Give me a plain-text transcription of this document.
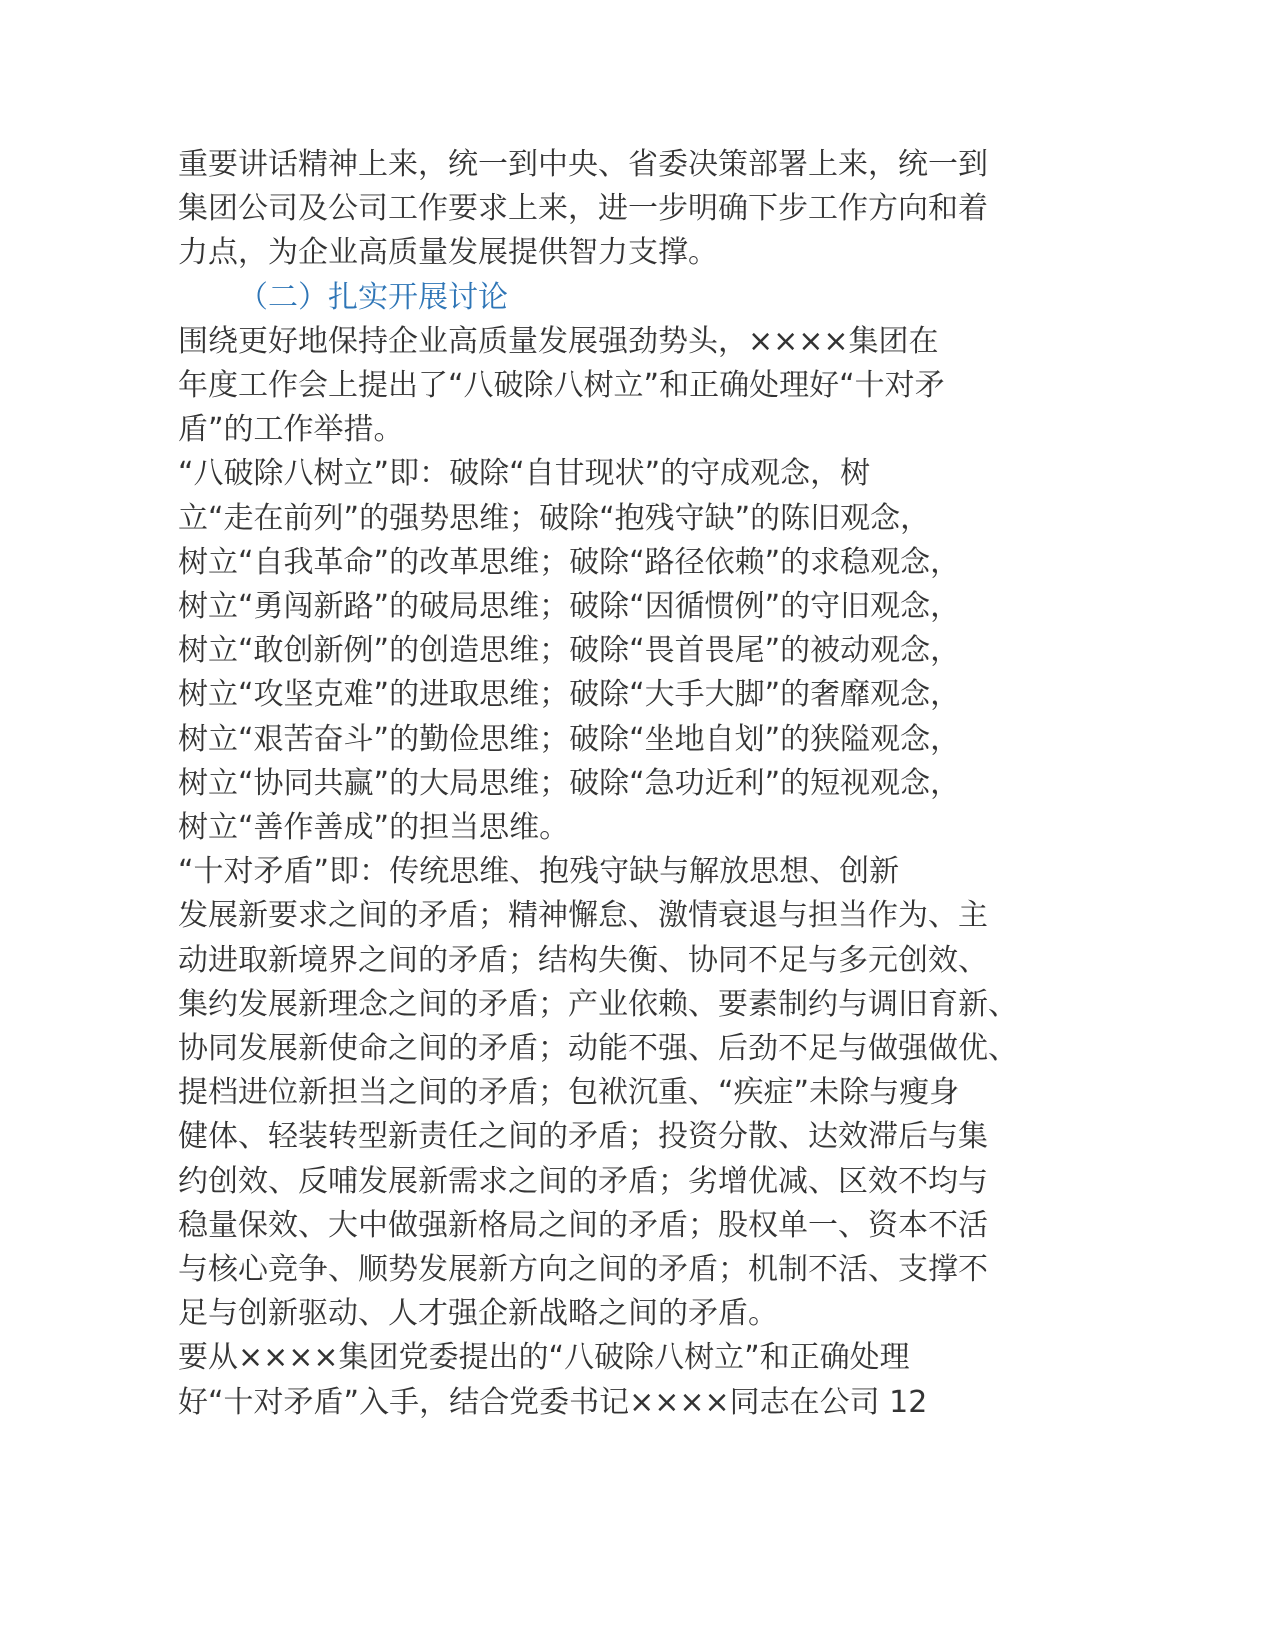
重要讲话精神上来，统一到中央、省委决策部署上来，统一到
集团公司及公司工作要求上来，进一步明确下步工作方向和着
力点，为企业高质量发展提供智力支撑。

（二）扎实开展讨论

围绕更好地保持企业高质量发展强劲势头，××××集团在
年度工作会上提出了“八破除八树立”和正确处理好“十对矛
盾”的工作举措。

“八破除八树立”即：破除“自甘现状”的守成观念，树
立“走在前列”的强势思维；破除“抱残守缺”的陈旧观念，
树立“自我革命”的改革思维；破除“路径依赖”的求稳观念，
树立“勇闯新路”的破局思维；破除“因循惯例”的守旧观念，
树立“敢创新例”的创造思维；破除“畏首畏尾”的被动观念，
树立“攻坚克难”的进取思维；破除“大手大脚”的奢靡观念，
树立“艰苦奋斗”的勤俭思维；破除“坐地自划”的狭隘观念，
树立“协同共赢”的大局思维；破除“急功近利”的短视观念，
树立“善作善成”的担当思维。

“十对矛盾”即：传统思维、抱残守缺与解放思想、创新
发展新要求之间的矛盾；精神懈怠、激情衰退与担当作为、主
动进取新境界之间的矛盾；结构失衡、协同不足与多元创效、
集约发展新理念之间的矛盾；产业依赖、要素制约与调旧育新、
协同发展新使命之间的矛盾；动能不强、后劲不足与做强做优、
提档进位新担当之间的矛盾；包袱沉重、“疾症”未除与瘦身
健体、轻装转型新责任之间的矛盾；投资分散、达效滞后与集
约创效、反哺发展新需求之间的矛盾；劣增优减、区效不均与
稳量保效、大中做强新格局之间的矛盾；股权单一、资本不活
与核心竞争、顺势发展新方向之间的矛盾；机制不活、支撑不
足与创新驱动、人才强企新战略之间的矛盾。

要从××××集团党委提出的“八破除八树立”和正确处理
好“十对矛盾”入手，结合党委书记××××同志在公司 12
